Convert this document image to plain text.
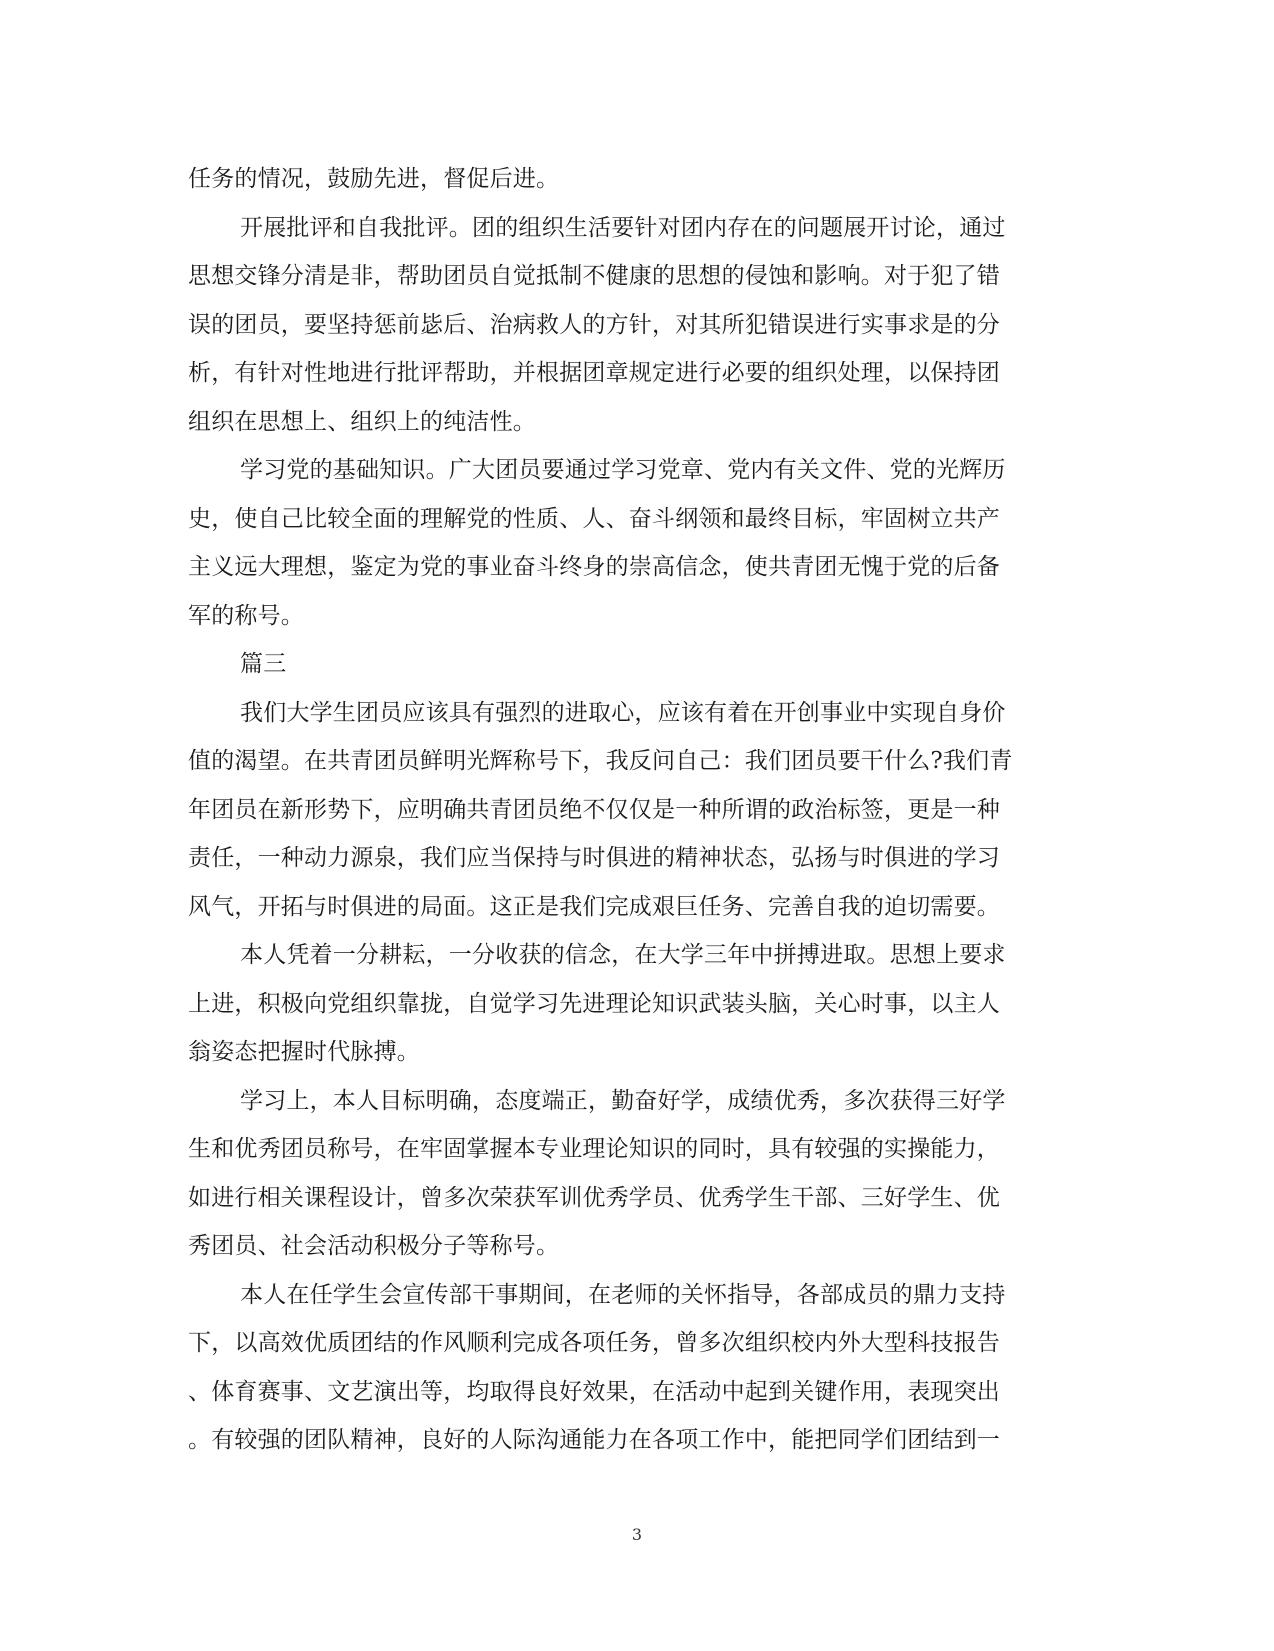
任务的情况，鼓励先进，督促后进。
开展批评和自我批评。团的组织生活要针对团内存在的问题展开讨论，通过
思想交锋分清是非，帮助团员自觉抵制不健康的思想的侵蚀和影响。对于犯了错
误的团员，要坚持惩前毖后、治病救人的方针，对其所犯错误进行实事求是的分
析，有针对性地进行批评帮助，并根据团章规定进行必要的组织处理，以保持团
组织在思想上、组织上的纯洁性。
学习党的基础知识。广大团员要通过学习党章、党内有关文件、党的光辉历
史，使自己比较全面的理解党的性质、人、奋斗纲领和最终目标，牢固树立共产
主义远大理想，鉴定为党的事业奋斗终身的崇高信念，使共青团无愧于党的后备
军的称号。
篇三
我们大学生团员应该具有强烈的进取心，应该有着在开创事业中实现自身价
值的渴望。在共青团员鲜明光辉称号下，我反问自己：我们团员要干什么?我们青
年团员在新形势下，应明确共青团员绝不仅仅是一种所谓的政治标签，更是一种
责任，一种动力源泉，我们应当保持与时俱进的精神状态，弘扬与时俱进的学习
风气，开拓与时俱进的局面。这正是我们完成艰巨任务、完善自我的迫切需要。
本人凭着一分耕耘，一分收获的信念，在大学三年中拼搏进取。思想上要求
上进，积极向党组织靠拢，自觉学习先进理论知识武装头脑，关心时事，以主人
翁姿态把握时代脉搏。
学习上，本人目标明确，态度端正，勤奋好学，成绩优秀，多次获得三好学
生和优秀团员称号，在牢固掌握本专业理论知识的同时，具有较强的实操能力，
如进行相关课程设计，曾多次荣获军训优秀学员、优秀学生干部、三好学生、优
秀团员、社会活动积极分子等称号。
本人在任学生会宣传部干事期间，在老师的关怀指导，各部成员的鼎力支持
下，以高效优质团结的作风顺利完成各项任务，曾多次组织校内外大型科技报告
、体育赛事、文艺演出等，均取得良好效果，在活动中起到关键作用，表现突出
。有较强的团队精神，良好的人际沟通能力在各项工作中，能把同学们团结到一
3
